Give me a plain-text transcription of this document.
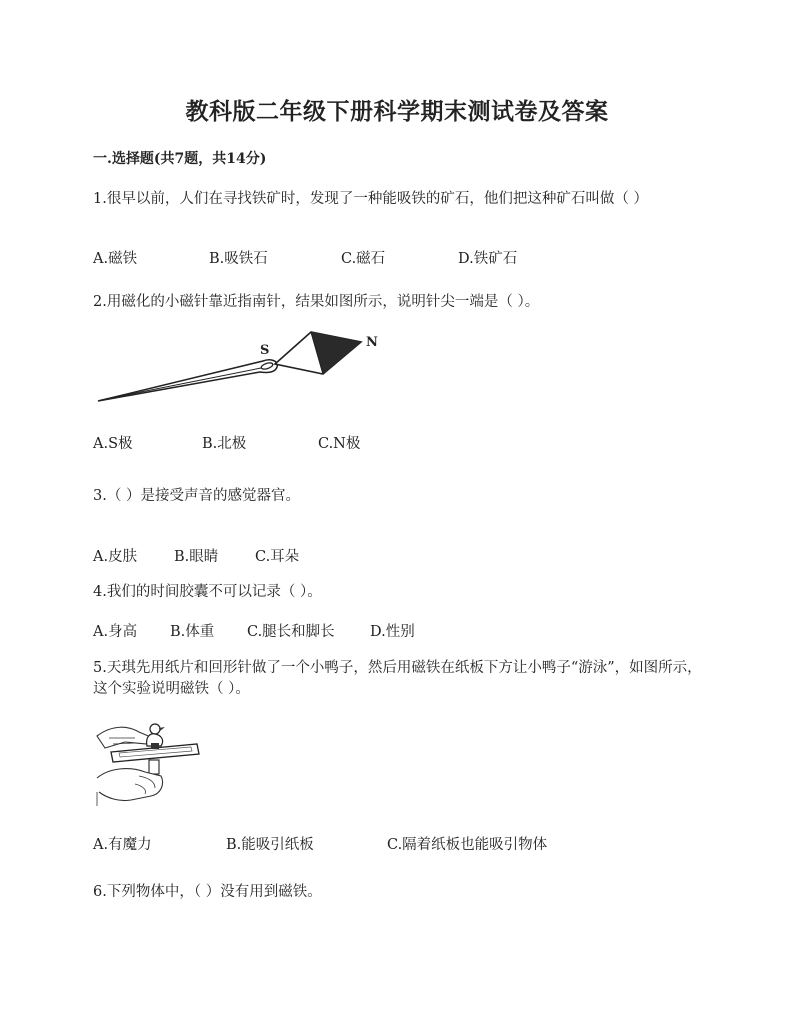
教科版二年级下册科学期末测试卷及答案
一.选择题(共7题，共14分)
1.很早以前，人们在寻找铁矿时，发现了一种能吸铁的矿石，他们把这种矿石叫做（ ）
A.磁铁	B.吸铁石	C.磁石	D.铁矿石
2.用磁化的小磁针靠近指南针，结果如图所示，说明针尖一端是（ ）。
S
N
A.S极	B.北极	C.N极
3.（ ）是接受声音的感觉器官。
A.皮肤	B.眼睛	C.耳朵
4.我们的时间胶囊不可以记录（ ）。
A.身高 B.体重 C.腿长和脚长 D.性别
5.天琪先用纸片和回形针做了一个小鸭子，然后用磁铁在纸板下方让小鸭子“游泳”，如图所示，这个实验说明磁铁（ ）。
A.有魔力	B.能吸引纸板	C.隔着纸板也能吸引物体
6.下列物体中，（ ）没有用到磁铁。
